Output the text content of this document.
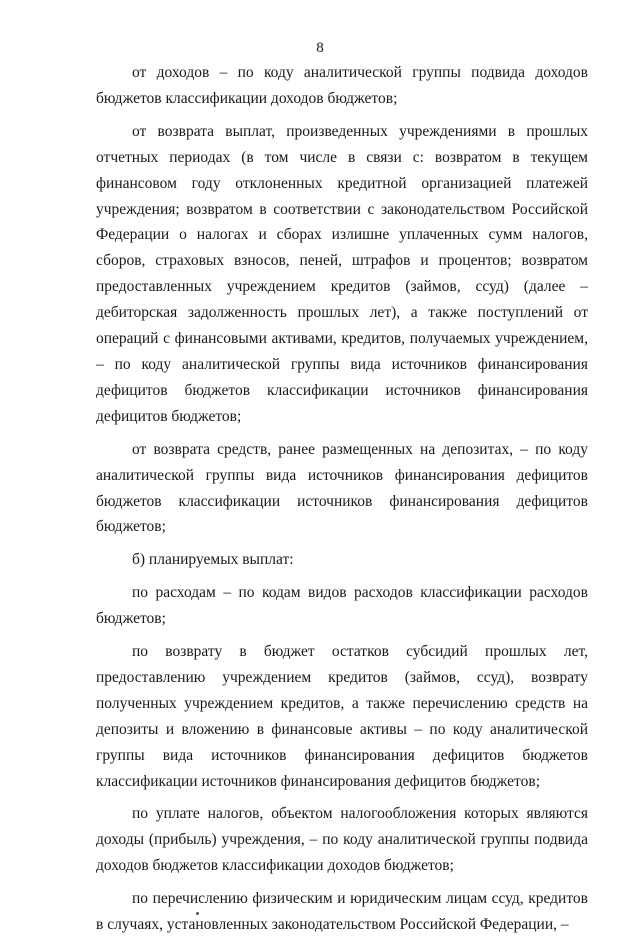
8

от доходов – по коду аналитической группы подвида доходов бюджетов классификации доходов бюджетов;

от возврата выплат, произведенных учреждениями в прошлых отчетных периодах (в том числе в связи с: возвратом в текущем финансовом году отклоненных кредитной организацией платежей учреждения; возвратом в соответствии с законодательством Российской Федерации о налогах и сборах излишне уплаченных сумм налогов, сборов, страховых взносов, пеней, штрафов и процентов; возвратом предоставленных учреждением кредитов (займов, ссуд) (далее – дебиторская задолженность прошлых лет), а также поступлений от операций с финансовыми активами, кредитов, получаемых учреждением, – по коду аналитической группы вида источников финансирования дефицитов бюджетов классификации источников финансирования дефицитов бюджетов;

от возврата средств, ранее размещенных на депозитах, – по коду аналитической группы вида источников финансирования дефицитов бюджетов классификации источников финансирования дефицитов бюджетов;

б) планируемых выплат:

по расходам – по кодам видов расходов классификации расходов бюджетов;

по возврату в бюджет остатков субсидий прошлых лет, предоставлению учреждением кредитов (займов, ссуд), возврату полученных учреждением кредитов, а также перечислению средств на депозиты и вложению в финансовые активы – по коду аналитической группы вида источников финансирования дефицитов бюджетов классификации источников финансирования дефицитов бюджетов;

по уплате налогов, объектом налогообложения которых являются доходы (прибыль) учреждения, – по коду аналитической группы подвида доходов бюджетов классификации доходов бюджетов;

по перечислению физическим и юридическим лицам ссуд, кредитов в случаях, установленных законодательством Российской Федерации, –
